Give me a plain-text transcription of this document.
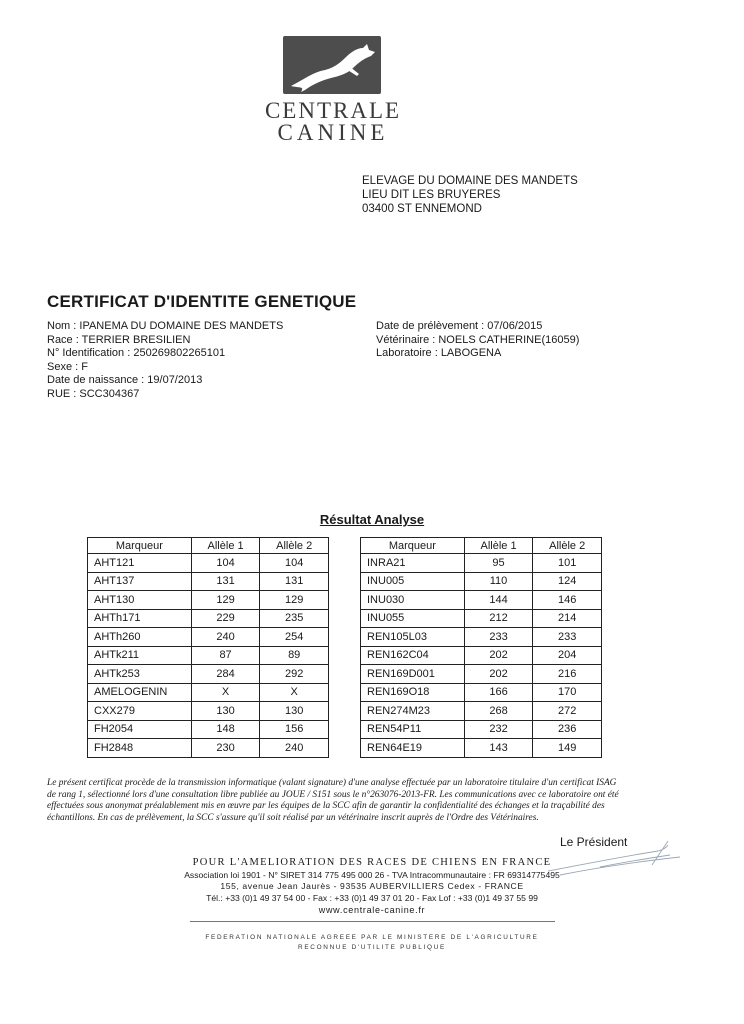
CENTRALE
CANINE
ELEVAGE DU DOMAINE DES MANDETS
LIEU DIT LES BRUYERES
03400 ST ENNEMOND
CERTIFICAT D'IDENTITE GENETIQUE
Nom : IPANEMA DU DOMAINE DES MANDETS
Race : TERRIER BRESILIEN
N° Identification : 250269802265101
Sexe : F
Date de naissance : 19/07/2013
RUE : SCC304367
Date de prélèvement : 07/06/2015
Vétérinaire : NOELS CATHERINE(16059)
Laboratoire : LABOGENA
Résultat Analyse
Marqueur	Allèle 1	Allèle 2
AHT121	104	104
AHT137	131	131
AHT130	129	129
AHTh171	229	235
AHTh260	240	254
AHTk211	87	89
AHTk253	284	292
AMELOGENIN	X	X
CXX279	130	130
FH2054	148	156
FH2848	230	240
Marqueur	Allèle 1	Allèle 2
INRA21	95	101
INU005	110	124
INU030	144	146
INU055	212	214
REN105L03	233	233
REN162C04	202	204
REN169D001	202	216
REN169O18	166	170
REN274M23	268	272
REN54P11	232	236
REN64E19	143	149
Le présent certificat procède de la transmission informatique (valant signature) d'une analyse effectuée par un laboratoire titulaire d'un certificat ISAG de rang 1, sélectionné lors d'une consultation libre publiée au JOUE / S151 sous le n°263076-2013-FR. Les communications avec ce laboratoire ont été effectuées sous anonymat préalablement mis en œuvre par les équipes de la SCC afin de garantir la confidentialité des échanges et la traçabilité des échantillons. En cas de prélèvement, la SCC s'assure qu'il soit réalisé par un vétérinaire inscrit auprès de l'Ordre des Vétérinaires.
Le Président
POUR L'AMELIORATION DES RACES DE CHIENS EN FRANCE
Association loi 1901 - N° SIRET 314 775 495 000 26 - TVA Intracommunautaire : FR 69314775495
155, avenue Jean Jaurès - 93535 AUBERVILLIERS Cedex - FRANCE
Tél.: +33 (0)1 49 37 54 00 - Fax : +33 (0)1 49 37 01 20 - Fax Lof : +33 (0)1 49 37 55 99
www.centrale-canine.fr
FEDERATION NATIONALE AGREEE PAR LE MINISTERE DE L'AGRICULTURE
RECONNUE D'UTILITE PUBLIQUE
